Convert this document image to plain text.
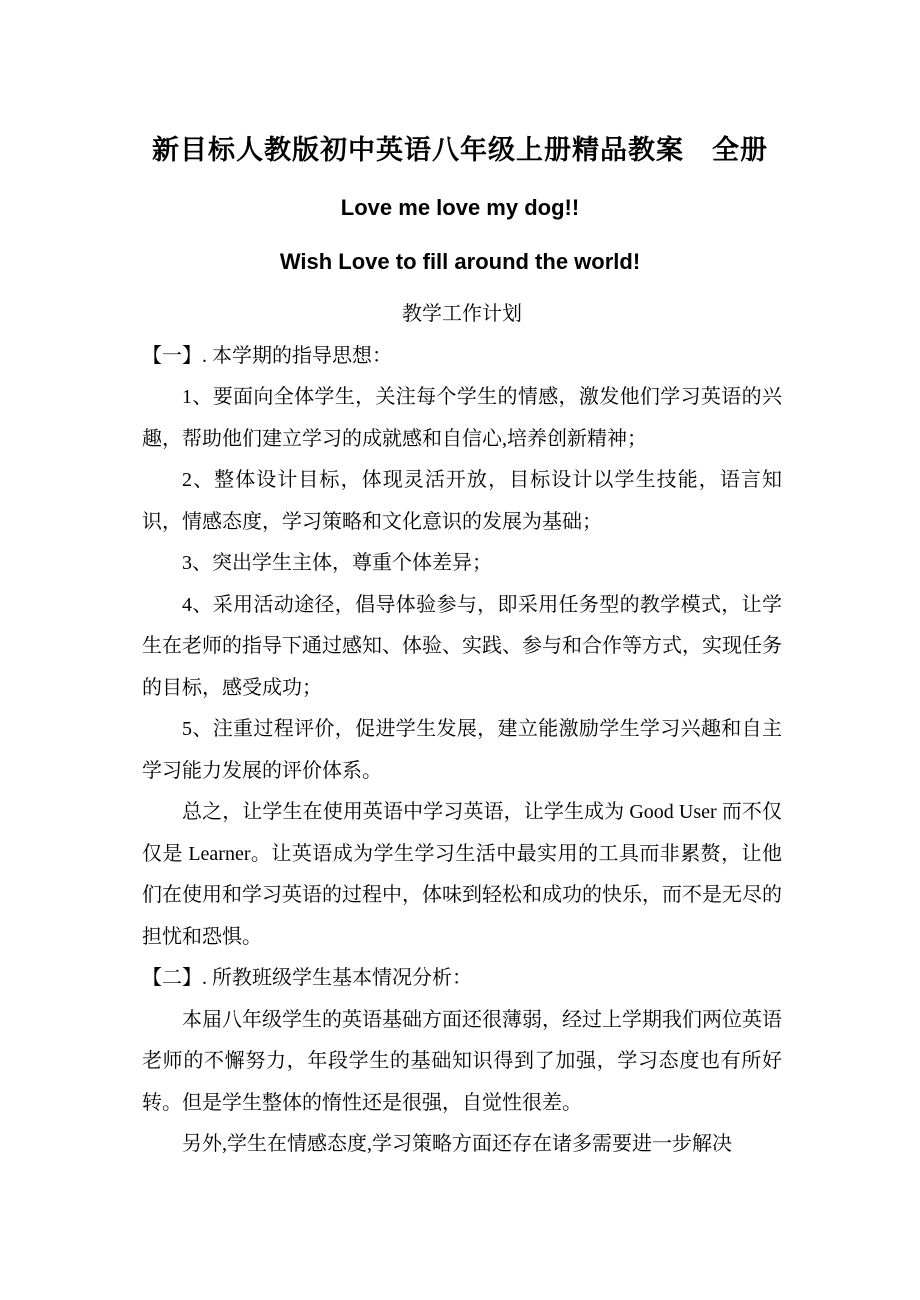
新目标人教版初中英语八年级上册精品教案 全册
Love me love my dog!!
Wish Love to fill around the world!
教学工作计划
【一】. 本学期的指导思想：

1、要面向全体学生，关注每个学生的情感，激发他们学习英语的兴趣，帮助他们建立学习的成就感和自信心,培养创新精神；

2、整体设计目标，体现灵活开放，目标设计以学生技能，语言知识，情感态度，学习策略和文化意识的发展为基础；

3、突出学生主体，尊重个体差异；

4、采用活动途径，倡导体验参与，即采用任务型的教学模式，让学生在老师的指导下通过感知、体验、实践、参与和合作等方式，实现任务的目标，感受成功；

5、注重过程评价，促进学生发展，建立能激励学生学习兴趣和自主学习能力发展的评价体系。

总之，让学生在使用英语中学习英语，让学生成为 Good User 而不仅仅是 Learner。让英语成为学生学习生活中最实用的工具而非累赘，让他们在使用和学习英语的过程中，体味到轻松和成功的快乐，而不是无尽的担忧和恐惧。

【二】. 所教班级学生基本情况分析：

本届八年级学生的英语基础方面还很薄弱，经过上学期我们两位英语老师的不懈努力，年段学生的基础知识得到了加强，学习态度也有所好转。但是学生整体的惰性还是很强，自觉性很差。

另外,学生在情感态度,学习策略方面还存在诸多需要进一步解决
